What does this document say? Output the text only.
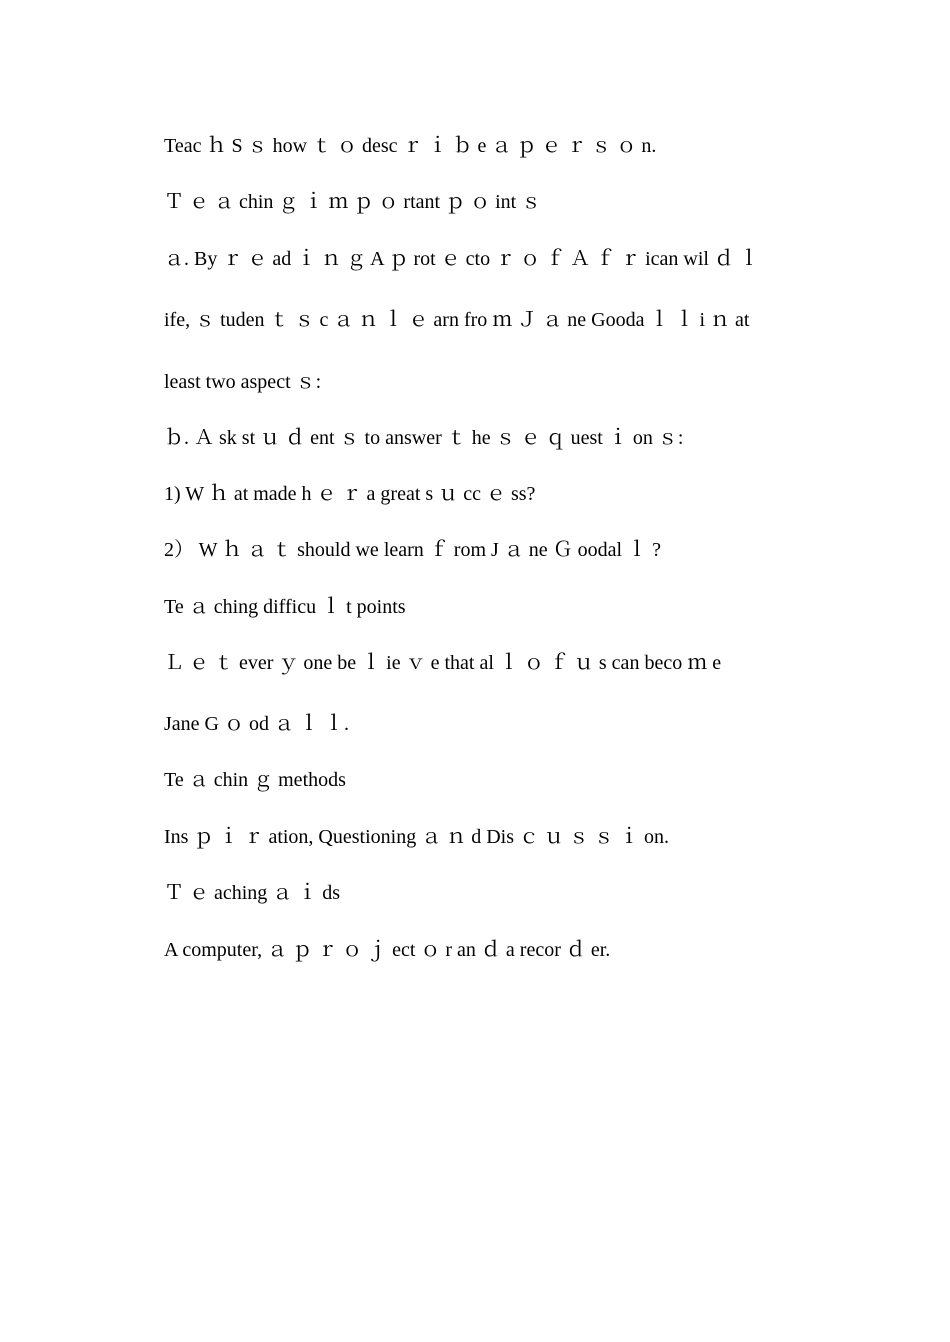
Teac ｈ S ｓ how ｔ ｏ desc ｒ ｉ ｂ e ａ ｐ ｅ ｒ ｓ ｏ n.
Ｔ ｅ ａ chin ｇ ｉ ｍ ｐ ｏ rtant ｐ ｏ int ｓ
ａ. By ｒ ｅ ad ｉ ｎ ｇ A ｐ rot ｅ cto ｒ ｏ ｆ Ａ ｆ ｒ ican wil ｄ ｌ
ife, ｓ tuden ｔ ｓ c ａ ｎ ｌ ｅ arn fro ｍ Ｊ ａ ne Gooda ｌ ｌ i ｎ at
least two aspect ｓ:
ｂ. Ａ sk st ｕ ｄ ent ｓ to answer ｔ he ｓ ｅ ｑ uest ｉ on ｓ:
1) W ｈ at made h ｅ ｒ a great s ｕ cc ｅ ss?
2） W ｈ ａ ｔ should we learn ｆ rom J ａ ne Ｇ oodal ｌ ?
Te ａ ching difficu ｌ t points
Ｌ ｅ ｔ ever ｙ one be ｌ ie ｖ e that al ｌ ｏ ｆ ｕ s can beco ｍ e
Jane G ｏ od ａ ｌ ｌ.
Te ａ chin ｇ methods
Ins ｐ ｉ ｒ ation, Questioning ａ ｎ d Dis ｃ ｕ ｓ ｓ ｉ on.
Ｔ ｅ aching ａ ｉ ds
A computer, ａ ｐ ｒ ｏ ｊ ect ｏ r an ｄ a recor ｄ er.
